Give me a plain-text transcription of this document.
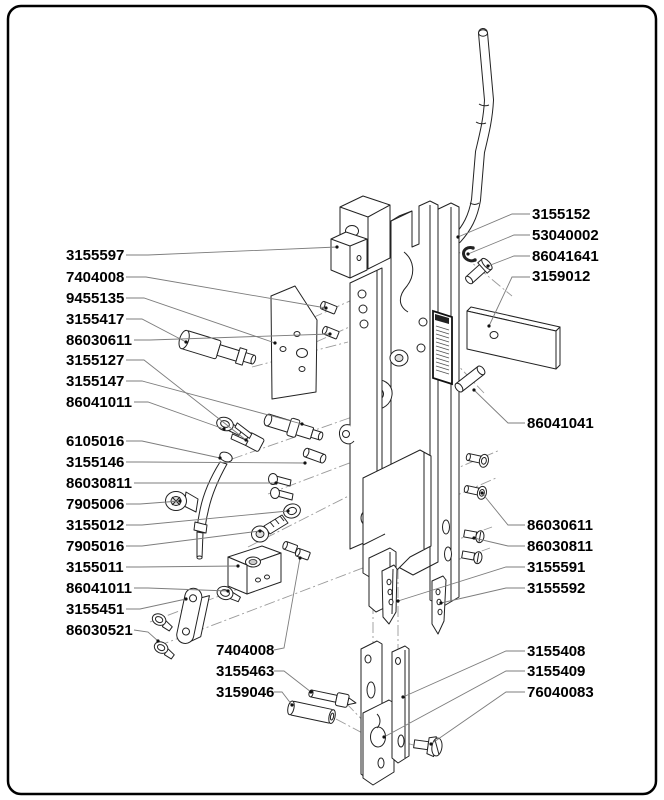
3155597
7404008
9455135
3155417
86030611
3155127
3155147
86041011
6105016
3155146
86030811
7905006
3155012
7905016
3155011
86041011
3155451
86030521
7404008
3155463
3159046
3155152
53040002
86041641
3159012
86041041
86030611
86030811
3155591
3155592
3155408
3155409
76040083
